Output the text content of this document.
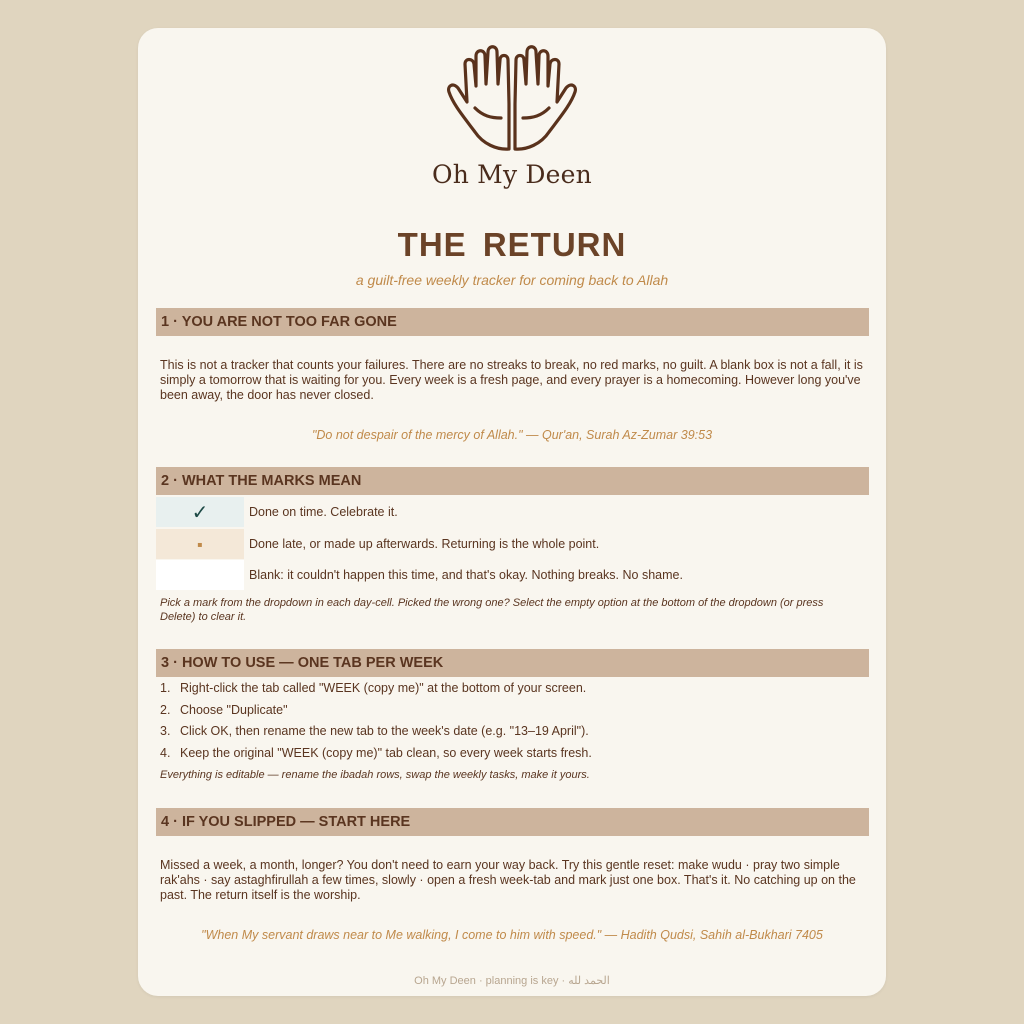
Oh My Deen
THE RETURN
a guilt-free weekly tracker for coming back to Allah
1 · YOU ARE NOT TOO FAR GONE
This is not a tracker that counts your failures. There are no streaks to break, no red marks, no guilt. A blank box is not a fall, it is simply a tomorrow that is waiting for you. Every week is a fresh page, and every prayer is a homecoming. However long you've been away, the door has never closed.
"Do not despair of the mercy of Allah." — Qur'an, Surah Az-Zumar 39:53
2 · WHAT THE MARKS MEAN
✓	Done on time. Celebrate it.
▪	Done late, or made up afterwards. Returning is the whole point.
Blank: it couldn't happen this time, and that's okay. Nothing breaks. No shame.
Pick a mark from the dropdown in each day-cell. Picked the wrong one? Select the empty option at the bottom of the dropdown (or press Delete) to clear it.
3 · HOW TO USE — ONE TAB PER WEEK
1. Right-click the tab called "WEEK (copy me)" at the bottom of your screen.
2. Choose "Duplicate"
3. Click OK, then rename the new tab to the week's date (e.g. "13–19 April").
4. Keep the original "WEEK (copy me)" tab clean, so every week starts fresh.
Everything is editable — rename the ibadah rows, swap the weekly tasks, make it yours.
4 · IF YOU SLIPPED — START HERE
Missed a week, a month, longer? You don't need to earn your way back. Try this gentle reset: make wudu · pray two simple rak'ahs · say astaghfirullah a few times, slowly · open a fresh week-tab and mark just one box. That's it. No catching up on the past. The return itself is the worship.
"When My servant draws near to Me walking, I come to him with speed." — Hadith Qudsi, Sahih al-Bukhari 7405
Oh My Deen · planning is key · الحمد لله
